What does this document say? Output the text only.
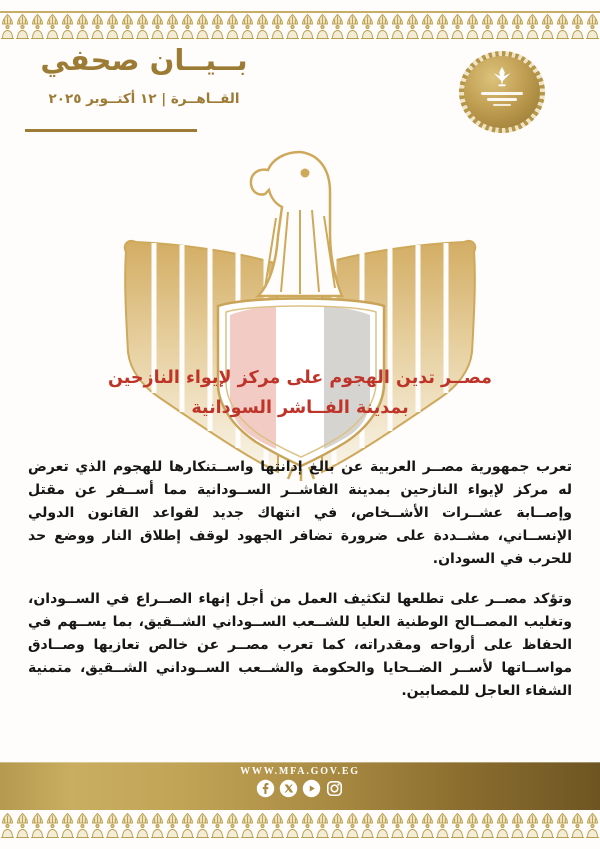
بــيــان صحفي
القــاهــرة | ١٢ أكتــوبر ٢٠٢٥
مصــر تدين الهجوم على مركز لإيواء النازحين
بمدينة الفــاشر السودانية

تعرب جمهورية مصــر العربية عن بالغ إدانتها واســتنكارها للهجوم الذي تعرض له مركز لإيواء النازحين بمدينة الفاشــر الســودانية مما أســفر عن مقتل وإصــابة عشــرات الأشــخاص، في انتهاك جديد لقواعد القانون الدولي الإنســاني، مشــددة على ضرورة تضافر الجهود لوقف إطلاق النار ووضع حد للحرب في السودان.

وتؤكد مصــر على تطلعها لتكثيف العمل من أجل إنهاء الصــراع في الســودان، وتغليب المصــالح الوطنية العليا للشــعب الســوداني الشــقيق، بما يســهم في الحفاظ على أرواحه ومقدراته، كما تعرب مصــر عن خالص تعازيها وصــادق مواســاتها لأســر الضــحايا والحكومة والشــعب الســوداني الشــقيق، متمنية الشفاء العاجل للمصابين.

WWW.MFA.GOV.EG
